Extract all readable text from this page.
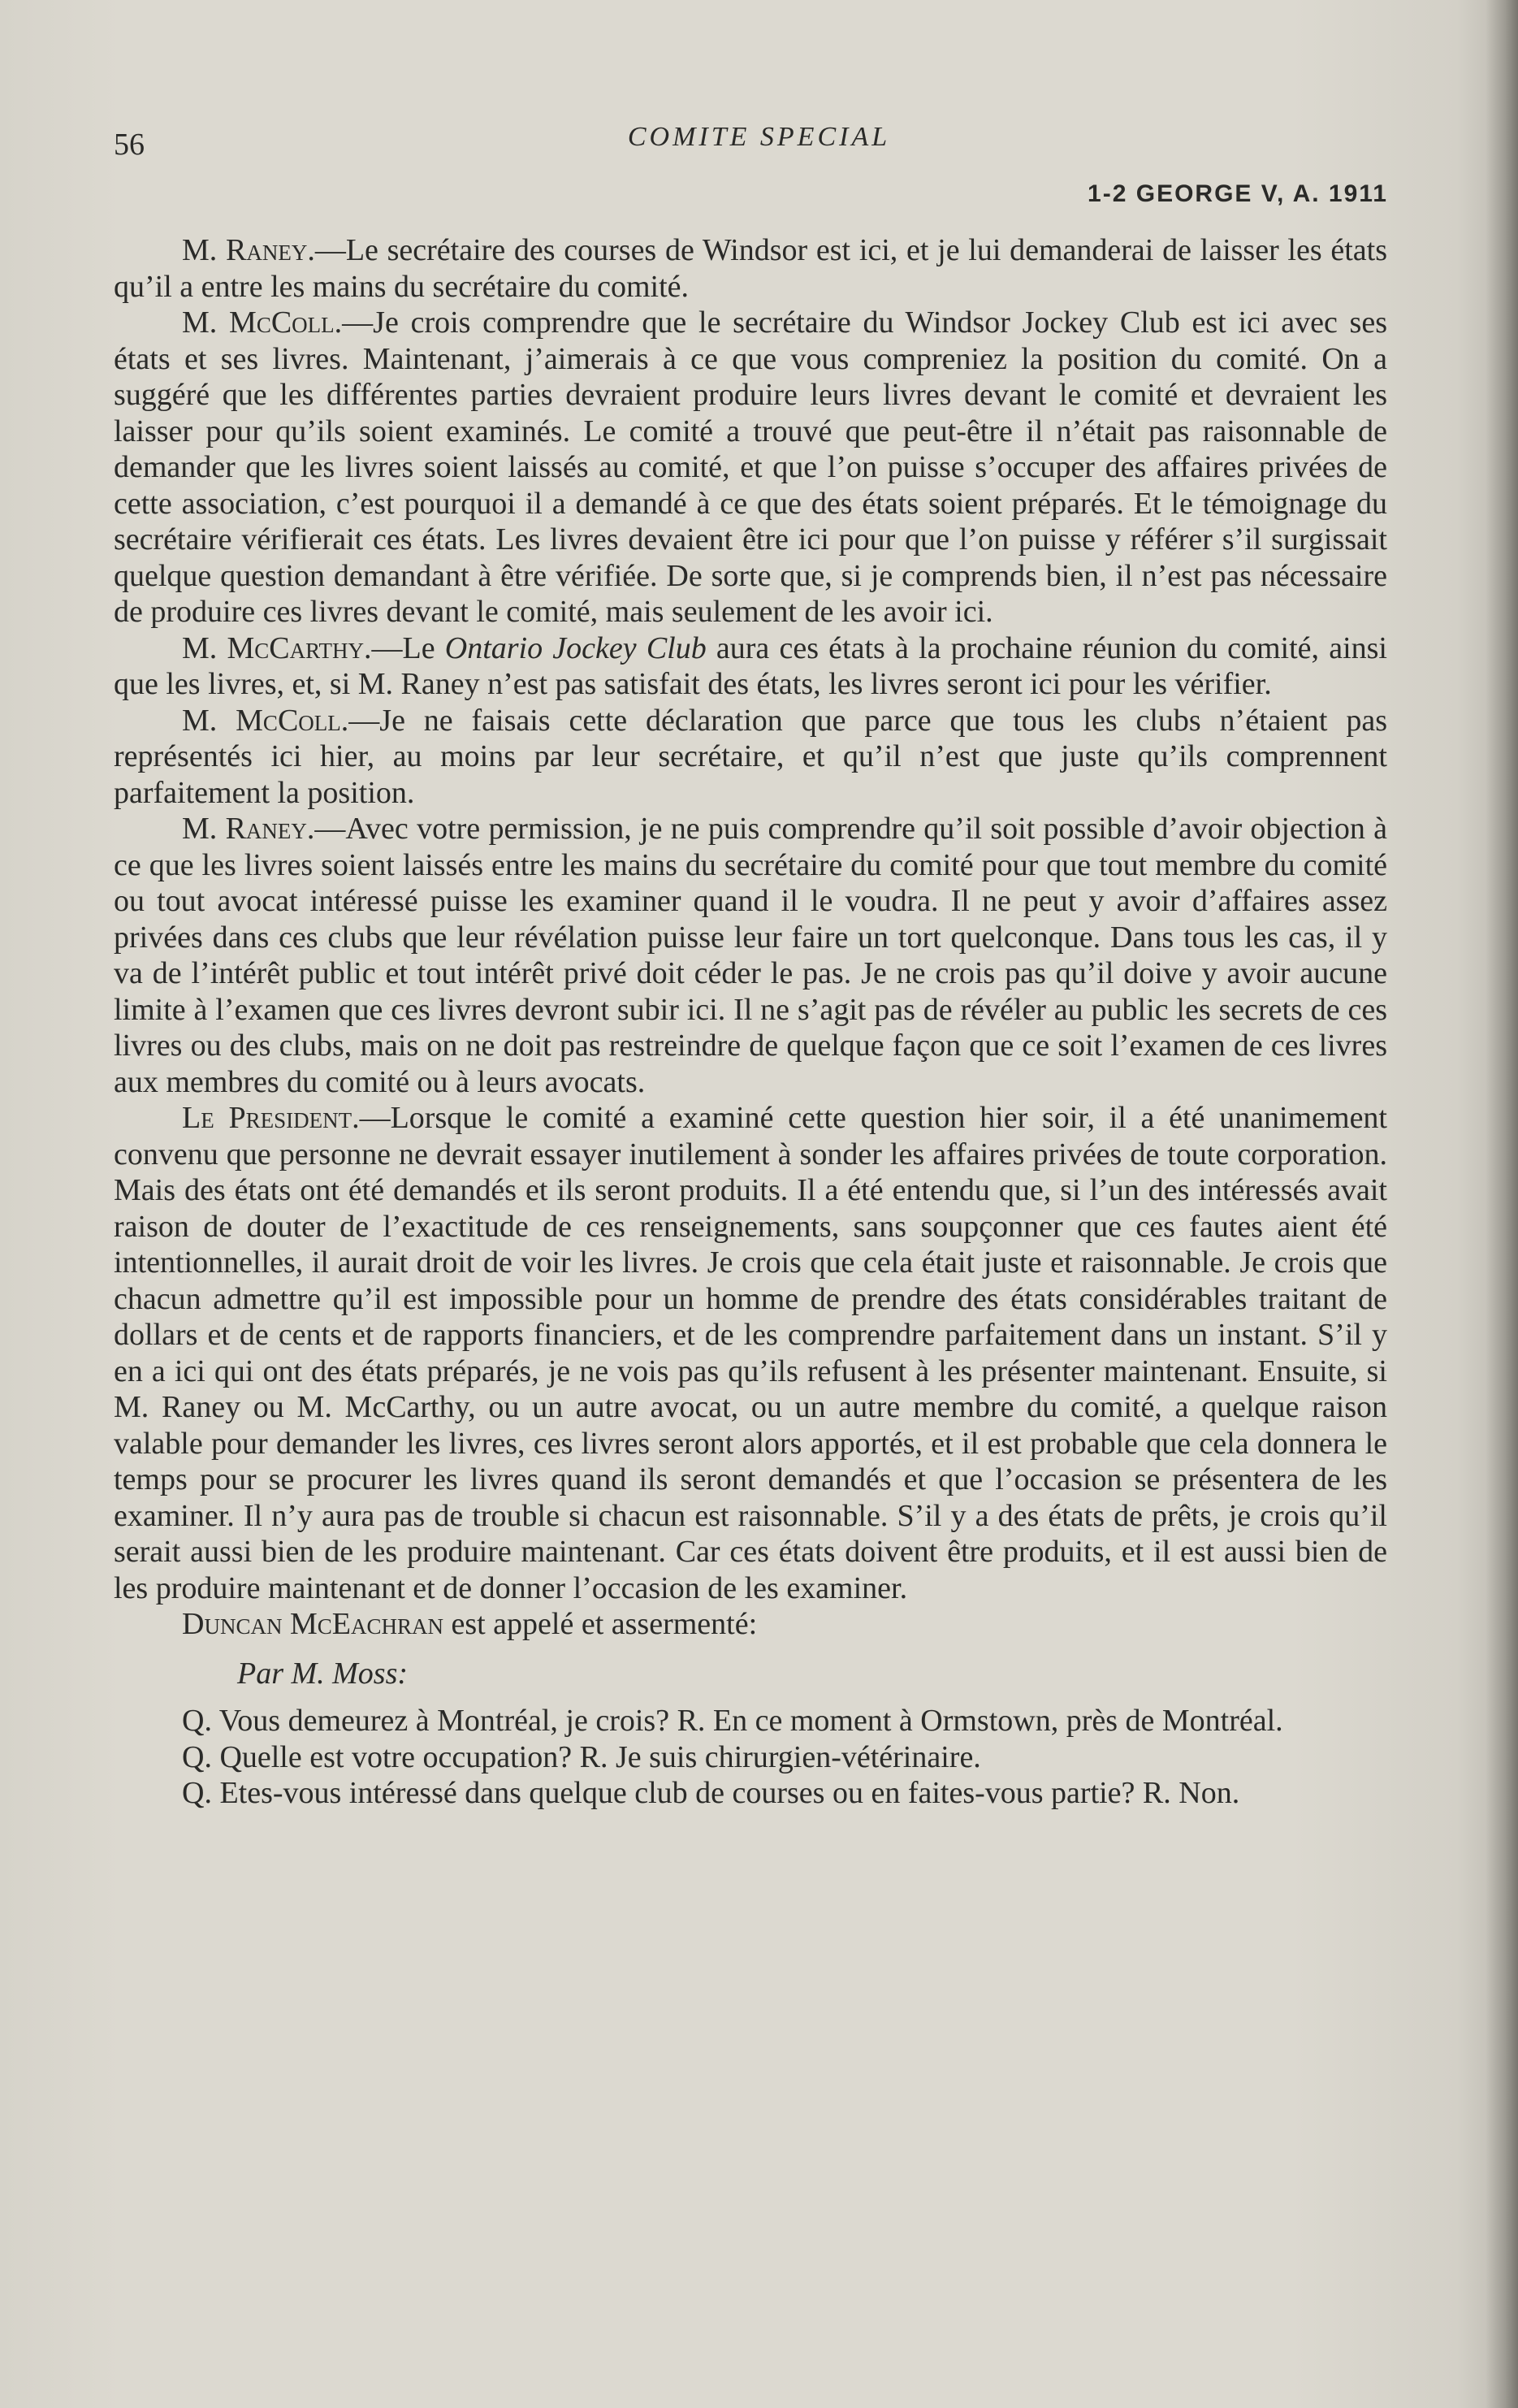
56	COMITE SPECIAL
1-2 GEORGE V, A. 1911

M. Raney.—Le secrétaire des courses de Windsor est ici, et je lui demanderai de laisser les états qu’il a entre les mains du secrétaire du comité.

M. McColl.—Je crois comprendre que le secrétaire du Windsor Jockey Club est ici avec ses états et ses livres. Maintenant, j’aimerais à ce que vous compreniez la position du comité. On a suggéré que les différentes parties devraient produire leurs livres devant le comité et devraient les laisser pour qu’ils soient examinés. Le comité a trouvé que peut-être il n’était pas raisonnable de demander que les livres soient laissés au comité, et que l’on puisse s’occuper des affaires privées de cette association, c’est pourquoi il a demandé à ce que des états soient préparés. Et le témoignage du secrétaire vérifierait ces états. Les livres devaient être ici pour que l’on puisse y référer s’il surgissait quelque question demandant à être vérifiée. De sorte que, si je comprends bien, il n’est pas nécessaire de produire ces livres devant le comité, mais seulement de les avoir ici.

M. McCarthy.—Le Ontario Jockey Club aura ces états à la prochaine réunion du comité, ainsi que les livres, et, si M. Raney n’est pas satisfait des états, les livres seront ici pour les vérifier.

M. McColl.—Je ne faisais cette déclaration que parce que tous les clubs n’étaient pas représentés ici hier, au moins par leur secrétaire, et qu’il n’est que juste qu’ils comprennent parfaitement la position.

M. Raney.—Avec votre permission, je ne puis comprendre qu’il soit possible d’avoir objection à ce que les livres soient laissés entre les mains du secrétaire du comité pour que tout membre du comité ou tout avocat intéressé puisse les examiner quand il le voudra. Il ne peut y avoir d’affaires assez privées dans ces clubs que leur révélation puisse leur faire un tort quelconque. Dans tous les cas, il y va de l’intérêt public et tout intérêt privé doit céder le pas. Je ne crois pas qu’il doive y avoir aucune limite à l’examen que ces livres devront subir ici. Il ne s’agit pas de révéler au public les secrets de ces livres ou des clubs, mais on ne doit pas restreindre de quelque façon que ce soit l’examen de ces livres aux membres du comité ou à leurs avocats.

Le President.—Lorsque le comité a examiné cette question hier soir, il a été unanimement convenu que personne ne devrait essayer inutilement à sonder les affaires privées de toute corporation. Mais des états ont été demandés et ils seront produits. Il a été entendu que, si l’un des intéressés avait raison de douter de l’exactitude de ces renseignements, sans soupçonner que ces fautes aient été intentionnelles, il aurait droit de voir les livres. Je crois que cela était juste et raisonnable. Je crois que chacun admettre qu’il est impossible pour un homme de prendre des états considérables traitant de dollars et de cents et de rapports financiers, et de les comprendre parfaitement dans un instant. S’il y en a ici qui ont des états préparés, je ne vois pas qu’ils refusent à les présenter maintenant. Ensuite, si M. Raney ou M. McCarthy, ou un autre avocat, ou un autre membre du comité, a quelque raison valable pour demander les livres, ces livres seront alors apportés, et il est probable que cela donnera le temps pour se procurer les livres quand ils seront demandés et que l’occasion se présentera de les examiner. Il n’y aura pas de trouble si chacun est raisonnable. S’il y a des états de prêts, je crois qu’il serait aussi bien de les produire maintenant. Car ces états doivent être produits, et il est aussi bien de les produire maintenant et de donner l’occasion de les examiner.

Duncan McEachran est appelé et assermenté:

Par M. Moss:

Q. Vous demeurez à Montréal, je crois? R. En ce moment à Ormstown, près de Montréal.

Q. Quelle est votre occupation? R. Je suis chirurgien-vétérinaire.

Q. Etes-vous intéressé dans quelque club de courses ou en faites-vous partie? R. Non.
